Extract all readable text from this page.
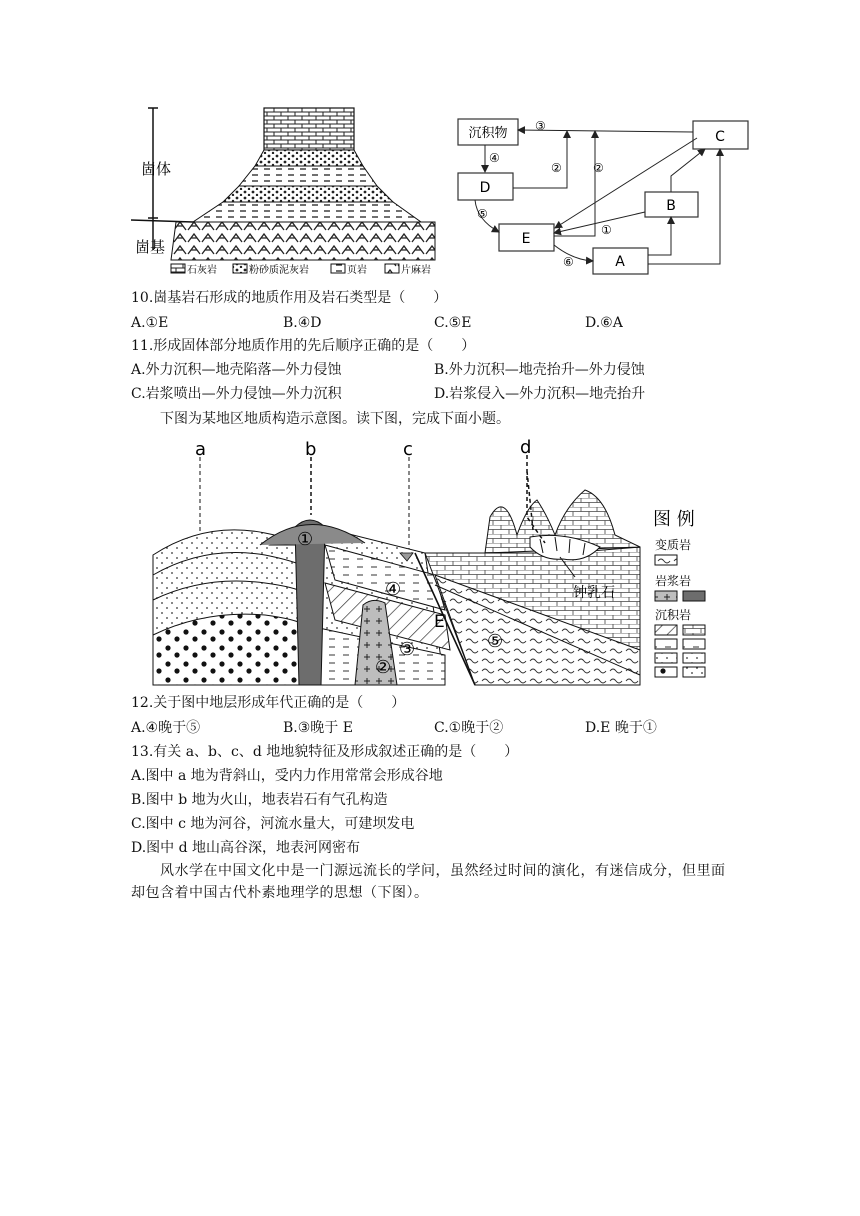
崮体
崮基
石灰岩	粉砂质泥灰岩	页岩	片麻岩
沉积物	C
D
E
B
A
①
②	②
③
④
⑤
⑥
10.崮基岩石形成的地质作用及岩石类型是（　　）
A.①E	B.④D	C.⑤E	D.⑥A
11.形成固体部分地质作用的先后顺序正确的是（　　）
A.外力沉积—地壳陷落—外力侵蚀	B.外力沉积—地壳抬升—外力侵蚀
C.岩浆喷出—外力侵蚀—外力沉积	D.岩浆侵入—外力沉积—地壳抬升
下图为某地区地质构造示意图。读下图，完成下面小题。
a	b	c	d
①
②
③
④
⑤
E
钟乳石
图 例
变质岩
岩浆岩
沉积岩
12.关于图中地层形成年代正确的是（　　）
A.④晚于⑤	B.③晚于 E	C.①晚于②	D.E 晚于①
13.有关 a、b、c、d 地地貌特征及形成叙述正确的是（　　）
A.图中 a 地为背斜山，受内力作用常常会形成谷地
B.图中 b 地为火山，地表岩石有气孔构造
C.图中 c 地为河谷，河流水量大，可建坝发电
D.图中 d 地山高谷深，地表河网密布
风水学在中国文化中是一门源远流长的学问，虽然经过时间的演化，有迷信成分，但里面却包含着中国古代朴素地理学的思想（下图）。
